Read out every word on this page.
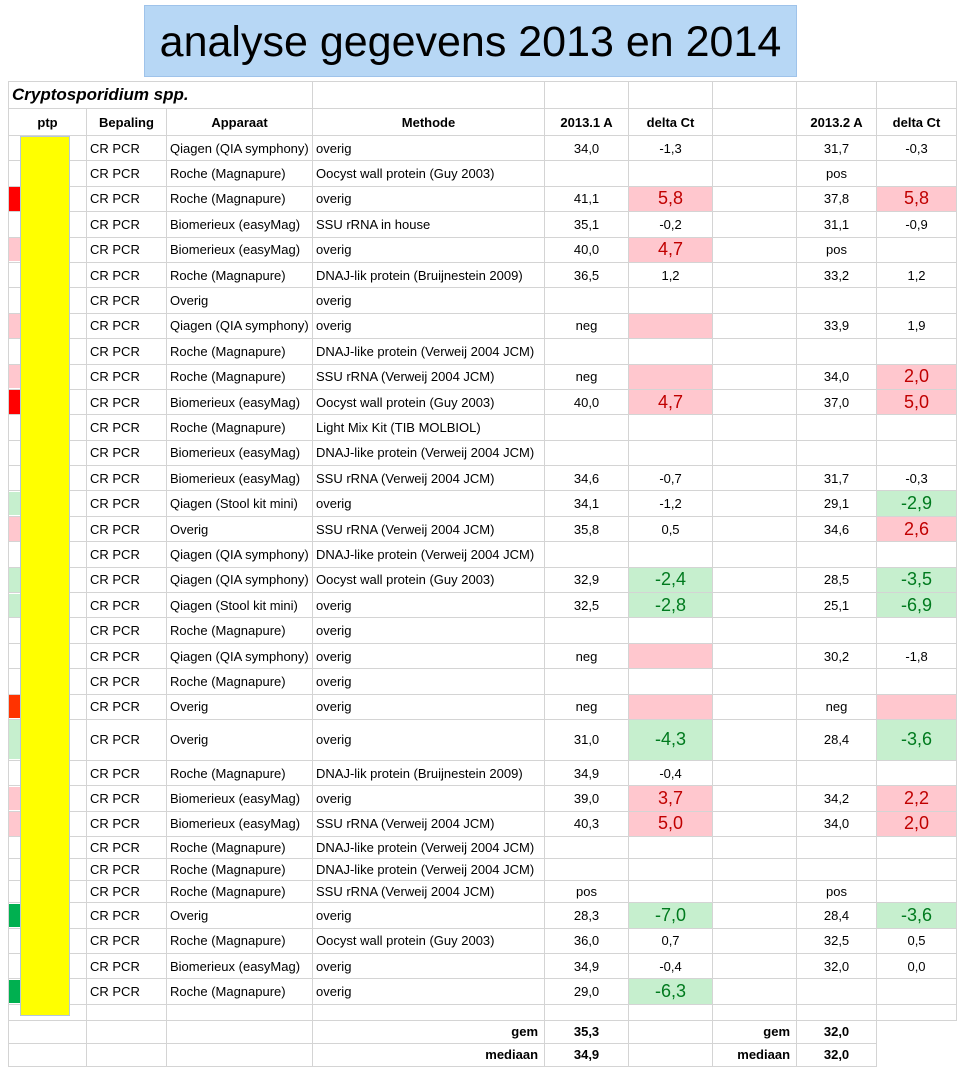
analyse gegevens 2013 en 2014
Cryptosporidium spp.								
ptp	Bepaling	Apparaat	Methode	2013.1 A	delta Ct		2013.2 A	delta Ct
	CR PCR	Qiagen (QIA symphony)	overig	34,0	-1,3		31,7	-0,3
	CR PCR	Roche (Magnapure)	Oocyst wall protein (Guy 2003)				pos	

	CR PCR	Roche (Magnapure)	overig	41,1	5,8		37,8	5,8
	CR PCR	Biomerieux (easyMag)	SSU rRNA in house	35,1	-0,2		31,1	-0,9

	CR PCR	Biomerieux (easyMag)	overig	40,0	4,7		pos	
	CR PCR	Roche (Magnapure)	DNAJ-lik protein (Bruijnestein 2009)	36,5	1,2		33,2	1,2
	CR PCR	Overig	overig					

	CR PCR	Qiagen (QIA symphony)	overig	neg			33,9	1,9
	CR PCR	Roche (Magnapure)	DNAJ-like protein (Verweij 2004 JCM)					

	CR PCR	Roche (Magnapure)	SSU rRNA (Verweij 2004 JCM)	neg			34,0	2,0

	CR PCR	Biomerieux (easyMag)	Oocyst wall protein (Guy 2003)	40,0	4,7		37,0	5,0
	CR PCR	Roche (Magnapure)	Light Mix Kit (TIB MOLBIOL)					
	CR PCR	Biomerieux (easyMag)	DNAJ-like protein (Verweij 2004 JCM)					
	CR PCR	Biomerieux (easyMag)	SSU rRNA (Verweij 2004 JCM)	34,6	-0,7		31,7	-0,3

	CR PCR	Qiagen (Stool kit mini)	overig	34,1	-1,2		29,1	-2,9

	CR PCR	Overig	SSU rRNA (Verweij 2004 JCM)	35,8	0,5		34,6	2,6
	CR PCR	Qiagen (QIA symphony)	DNAJ-like protein (Verweij 2004 JCM)					

	CR PCR	Qiagen (QIA symphony)	Oocyst wall protein (Guy 2003)	32,9	-2,4		28,5	-3,5

	CR PCR	Qiagen (Stool kit mini)	overig	32,5	-2,8		25,1	-6,9
	CR PCR	Roche (Magnapure)	overig					
	CR PCR	Qiagen (QIA symphony)	overig	neg			30,2	-1,8
	CR PCR	Roche (Magnapure)	overig					

	CR PCR	Overig	overig	neg			neg	

	CR PCR	Overig	overig	31,0	-4,3		28,4	-3,6
	CR PCR	Roche (Magnapure)	DNAJ-lik protein (Bruijnestein 2009)	34,9	-0,4			

	CR PCR	Biomerieux (easyMag)	overig	39,0	3,7		34,2	2,2

	CR PCR	Biomerieux (easyMag)	SSU rRNA (Verweij 2004 JCM)	40,3	5,0		34,0	2,0
	CR PCR	Roche (Magnapure)	DNAJ-like protein (Verweij 2004 JCM)					
	CR PCR	Roche (Magnapure)	DNAJ-like protein (Verweij 2004 JCM)					
	CR PCR	Roche (Magnapure)	SSU rRNA (Verweij 2004 JCM)	pos			pos	

	CR PCR	Overig	overig	28,3	-7,0		28,4	-3,6
	CR PCR	Roche (Magnapure)	Oocyst wall protein (Guy 2003)	36,0	0,7		32,5	0,5
	CR PCR	Biomerieux (easyMag)	overig	34,9	-0,4		32,0	0,0

	CR PCR	Roche (Magnapure)	overig	29,0	-6,3			

			gem	35,3		gem	32,0	
			mediaan	34,9		mediaan	32,0	
